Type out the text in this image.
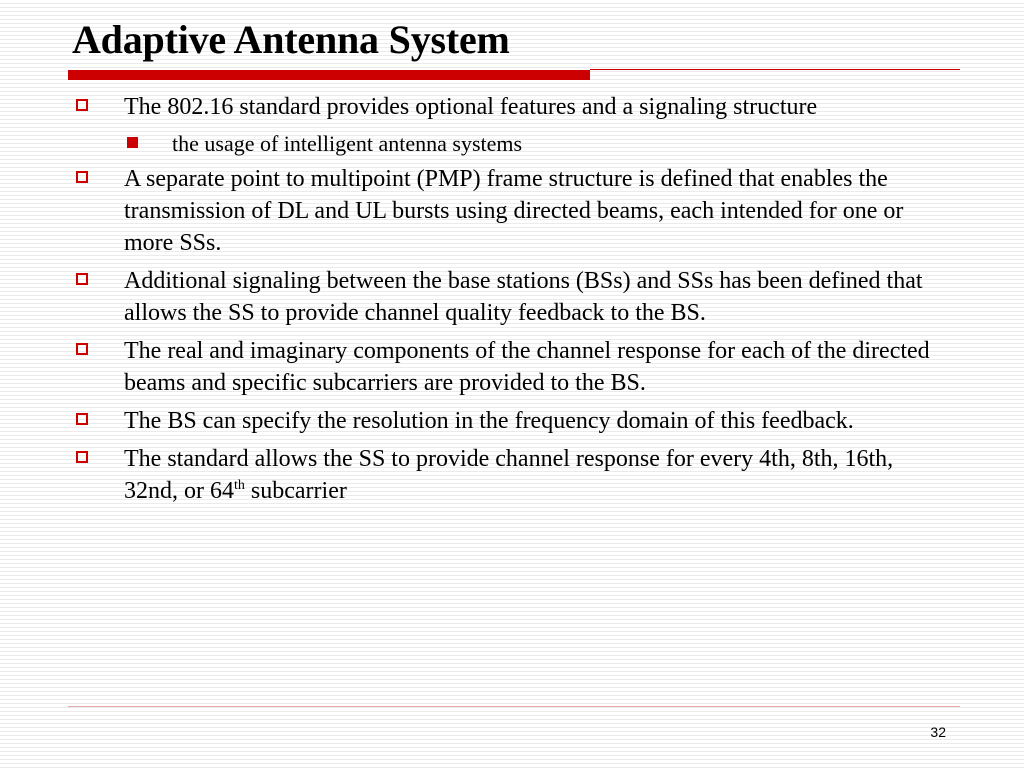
Adaptive Antenna System
The 802.16 standard provides optional features and a signaling structure
the usage of intelligent antenna systems
A separate point to multipoint (PMP) frame structure is defined that enables the transmission of DL and UL bursts using directed beams, each intended for one or more SSs.
Additional signaling between the base stations (BSs) and SSs has been defined that allows the SS to provide channel quality feedback to the BS.
The real and imaginary components of the channel response for each of the directed beams and specific subcarriers are provided to the BS.
The BS can specify the resolution in the frequency domain of this feedback.
The standard allows the SS to provide channel response for every 4th, 8th, 16th, 32nd, or 64th subcarrier
32
